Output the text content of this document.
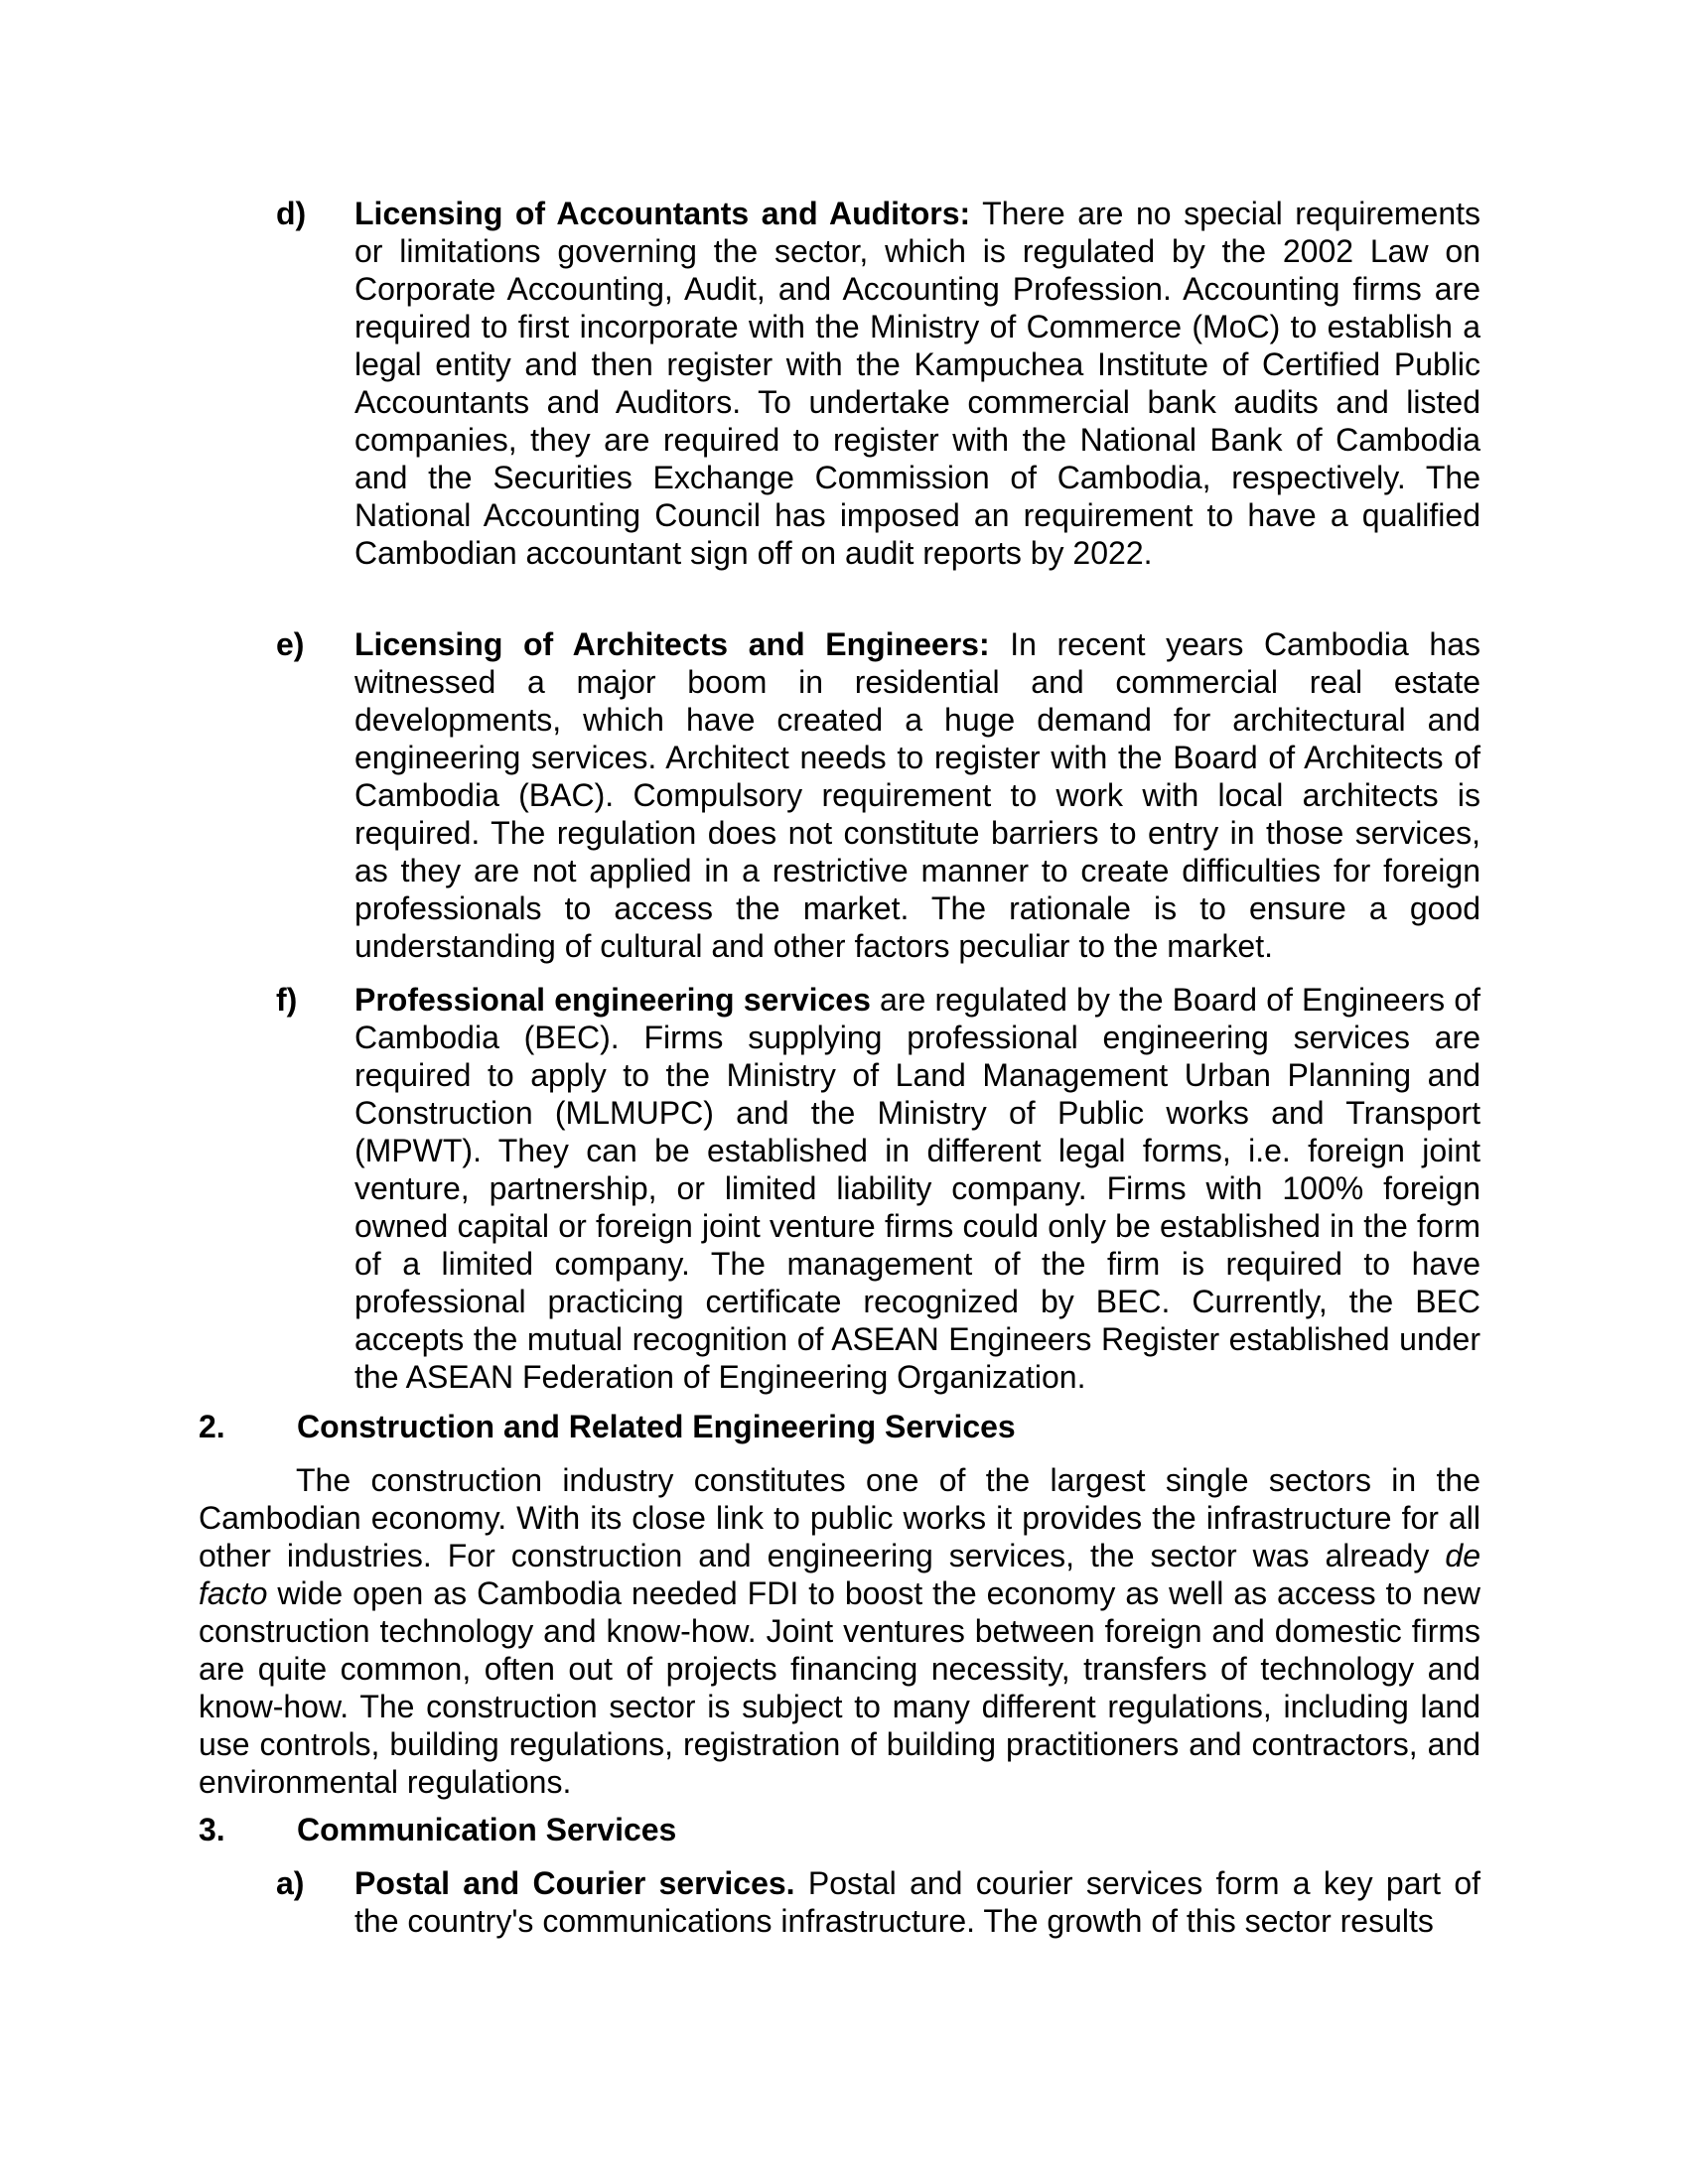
d) Licensing of Accountants and Auditors: There are no special requirements or limitations governing the sector, which is regulated by the 2002 Law on Corporate Accounting, Audit, and Accounting Profession. Accounting firms are required to first incorporate with the Ministry of Commerce (MoC) to establish a legal entity and then register with the Kampuchea Institute of Certified Public Accountants and Auditors. To undertake commercial bank audits and listed companies, they are required to register with the National Bank of Cambodia and the Securities Exchange Commission of Cambodia, respectively. The National Accounting Council has imposed an requirement to have a qualified Cambodian accountant sign off on audit reports by 2022.
e) Licensing of Architects and Engineers: In recent years Cambodia has witnessed a major boom in residential and commercial real estate developments, which have created a huge demand for architectural and engineering services. Architect needs to register with the Board of Architects of Cambodia (BAC). Compulsory requirement to work with local architects is required. The regulation does not constitute barriers to entry in those services, as they are not applied in a restrictive manner to create difficulties for foreign professionals to access the market. The rationale is to ensure a good understanding of cultural and other factors peculiar to the market.
f) Professional engineering services are regulated by the Board of Engineers of Cambodia (BEC). Firms supplying professional engineering services are required to apply to the Ministry of Land Management Urban Planning and Construction (MLMUPC) and the Ministry of Public works and Transport (MPWT). They can be established in different legal forms, i.e. foreign joint venture, partnership, or limited liability company. Firms with 100% foreign owned capital or foreign joint venture firms could only be established in the form of a limited company. The management of the firm is required to have professional practicing certificate recognized by BEC. Currently, the BEC accepts the mutual recognition of ASEAN Engineers Register established under the ASEAN Federation of Engineering Organization.
2. Construction and Related Engineering Services
The construction industry constitutes one of the largest single sectors in the Cambodian economy. With its close link to public works it provides the infrastructure for all other industries. For construction and engineering services, the sector was already de facto wide open as Cambodia needed FDI to boost the economy as well as access to new construction technology and know-how. Joint ventures between foreign and domestic firms are quite common, often out of projects financing necessity, transfers of technology and know-how. The construction sector is subject to many different regulations, including land use controls, building regulations, registration of building practitioners and contractors, and environmental regulations.
3. Communication Services
a) Postal and Courier services. Postal and courier services form a key part of the country's communications infrastructure. The growth of this sector results
